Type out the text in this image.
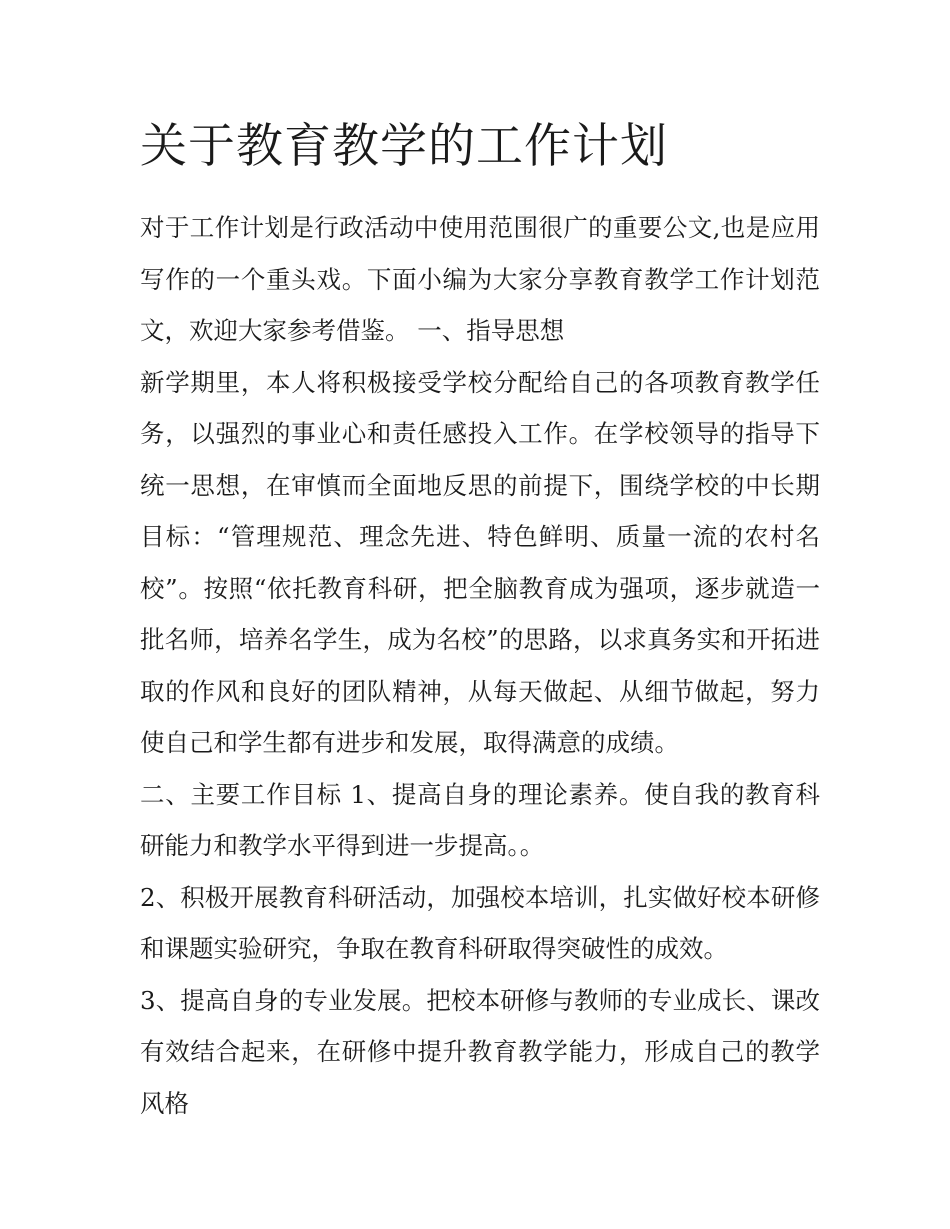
关于教育教学的工作计划

对于工作计划是行政活动中使用范围很广的重要公文,也是应用写作的一个重头戏。下面小编为大家分享教育教学工作计划范文，欢迎大家参考借鉴。 一、指导思想

新学期里，本人将积极接受学校分配给自己的各项教育教学任务，以强烈的事业心和责任感投入工作。在学校领导的指导下统一思想，在审慎而全面地反思的前提下，围绕学校的中长期目标：“管理规范、理念先进、特色鲜明、质量一流的农村名校”。按照“依托教育科研，把全脑教育成为强项，逐步就造一批名师，培养名学生，成为名校”的思路，以求真务实和开拓进取的作风和良好的团队精神，从每天做起、从细节做起，努力使自己和学生都有进步和发展，取得满意的成绩。

二、主要工作目标 1、提高自身的理论素养。使自我的教育科研能力和教学水平得到进一步提高。。

2、积极开展教育科研活动，加强校本培训，扎实做好校本研修和课题实验研究，争取在教育科研取得突破性的成效。

3、提高自身的专业发展。把校本研修与教师的专业成长、课改有效结合起来，在研修中提升教育教学能力，形成自己的教学风格
